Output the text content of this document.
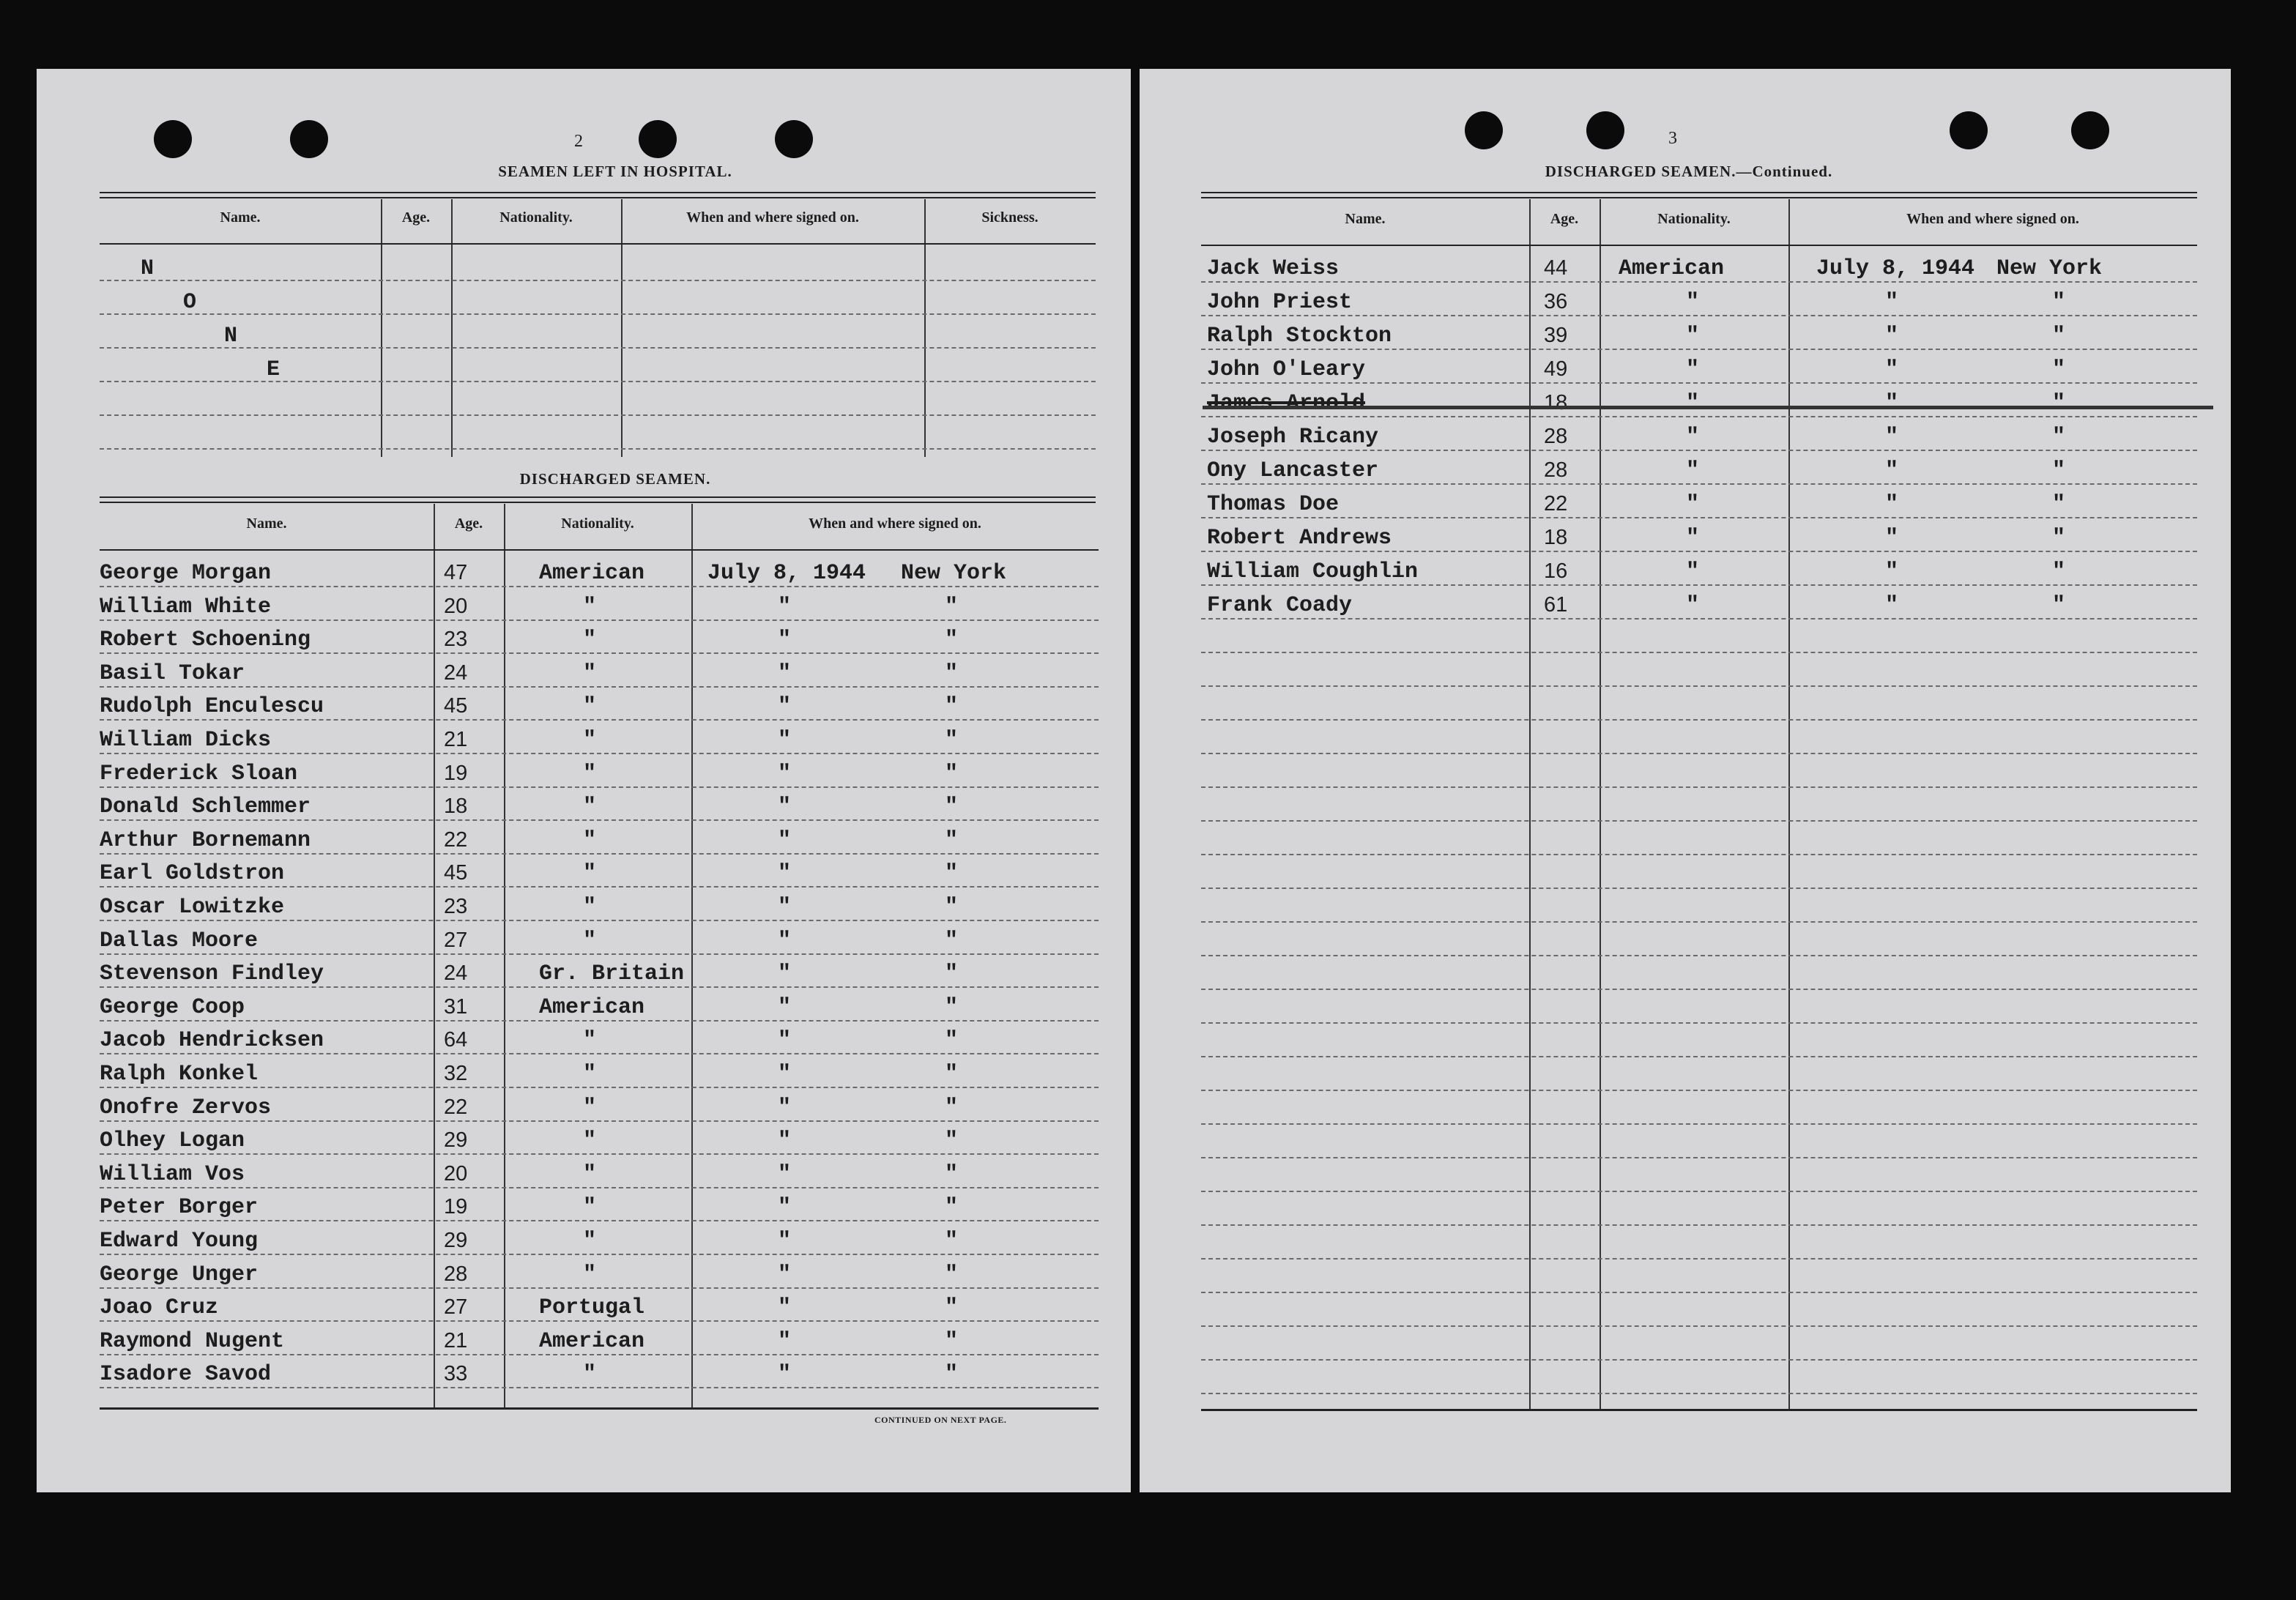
2
SEAMEN LEFT IN HOSPITAL.
Name.	Age.	Nationality.	When and where signed on.	Sickness.
N
O
N
E
DISCHARGED SEAMEN.
Name.	Age.	Nationality.	When and where signed on.
George Morgan	47	American	July 8, 1944 New York
William White	20	"	"	"
Robert Schoening	23	"	"	"
Basil Tokar	24	"	"	"
Rudolph Enculescu	45	"	"	"
William Dicks	21	"	"	"
Frederick Sloan	19	"	"	"
Donald Schlemmer	18	"	"	"
Arthur Bornemann	22	"	"	"
Earl Goldstron	45	"	"	"
Oscar Lowitzke	23	"	"	"
Dallas Moore	27	"	"	"
Stevenson Findley	24	Gr. Britain	"	"
George Coop	31	American	"	"
Jacob Hendricksen	64	"	"	"
Ralph Konkel	32	"	"	"
Onofre Zervos	22	"	"	"
Olhey Logan	29	"	"	"
William Vos	20	"	"	"
Peter Borger	19	"	"	"
Edward Young	29	"	"	"
George Unger	28	"	"	"
Joao Cruz	27	Portugal	"	"
Raymond Nugent	21	American	"	"
Isadore Savod	33	"	"	"
CONTINUED ON NEXT PAGE.
3
DISCHARGED SEAMEN.—Continued.
Name.	Age.	Nationality.	When and where signed on.
Jack Weiss	44 American	July 8, 1944 New York
John Priest	36	"	"	"
Ralph Stockton	39	"	"	"
John O'Leary	49	"	"	"
James Arnold	18	"	"	"
Joseph Ricany	28	"	"	"
Ony Lancaster	28	"	"	"
Thomas Doe	22	"	"	"
Robert Andrews	18	"	"	"
William Coughlin	16	"	"	"
Frank Coady	61	"	"	"
